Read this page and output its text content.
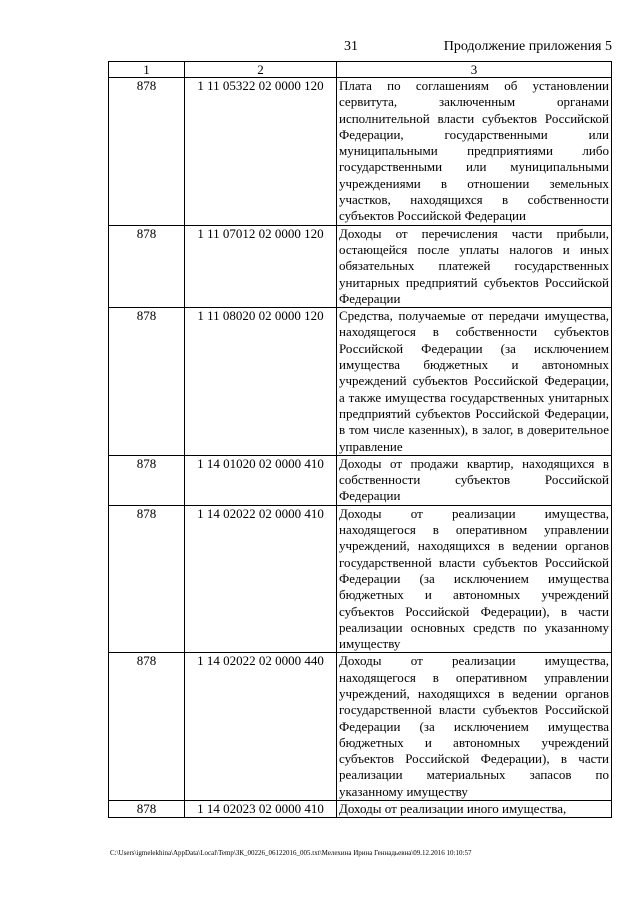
31	Продолжение приложения 5
1	2	3
878	1 11 05322 02 0000 120	Плата по соглашениям об установлении сервитута, заключенным органами исполнительной власти субъектов Российской Федерации, государственными или муниципальными предприятиями либо государственными или муниципальными учреждениями в отношении земельных участков, находящихся в собственности субъектов Российской Федерации
878	1 11 07012 02 0000 120	Доходы от перечисления части прибыли, остающейся после уплаты налогов и иных обязательных платежей государственных унитарных предприятий субъектов Российской Федерации
878	1 11 08020 02 0000 120	Средства, получаемые от передачи имущества, находящегося в собственности субъектов Российской Федерации (за исключением имущества бюджетных и автономных учреждений субъектов Российской Федерации, а также имущества государственных унитарных предприятий субъектов Российской Федерации, в том числе казенных), в залог, в доверительное управление
878	1 14 01020 02 0000 410	Доходы от продажи квартир, находящихся в собственности субъектов Российской Федерации
878	1 14 02022 02 0000 410	Доходы от реализации имущества, находящегося в оперативном управлении учреждений, находящихся в ведении органов государственной власти субъектов Российской Федерации (за исключением имущества бюджетных и автономных учреждений субъектов Российской Федерации), в части реализации основных средств по указанному имуществу
878	1 14 02022 02 0000 440	Доходы от реализации имущества, находящегося в оперативном управлении учреждений, находящихся в ведении органов государственной власти субъектов Российской Федерации (за исключением имущества бюджетных и автономных учреждений субъектов Российской Федерации), в части реализации материальных запасов по указанному имуществу
878	1 14 02023 02 0000 410	Доходы от реализации иного имущества,
C:\Users\igmelekhina\AppData\Local\Temp\ЗК_00226_06122016_005.txt\Мелехина Ирина Геннадьевна\09.12.2016 10:10:57
